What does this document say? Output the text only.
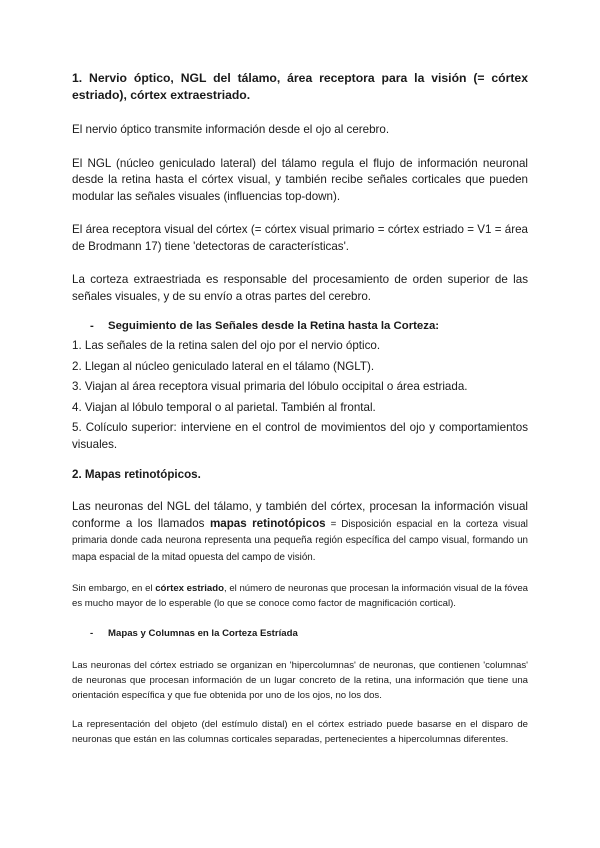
1. Nervio óptico, NGL del tálamo, área receptora para la visión (= córtex estriado), córtex extraestriado.

El nervio óptico transmite información desde el ojo al cerebro.

El NGL (núcleo geniculado lateral) del tálamo regula el flujo de información neuronal desde la retina hasta el córtex visual, y también recibe señales corticales que pueden modular las señales visuales (influencias top-down).

El área receptora visual del córtex (= córtex visual primario = córtex estriado = V1 = área de Brodmann 17) tiene 'detectoras de características'.

La corteza extraestriada es responsable del procesamiento de orden superior de las señales visuales, y de su envío a otras partes del cerebro.

-	Seguimiento de las Señales desde la Retina hasta la Corteza:

1. Las señales de la retina salen del ojo por el nervio óptico.

2. Llegan al núcleo geniculado lateral en el tálamo (NGLT).

3. Viajan al área receptora visual primaria del lóbulo occipital o área estriada.

4. Viajan al lóbulo temporal o al parietal. También al frontal.

5. Colículo superior: interviene en el control de movimientos del ojo y comportamientos visuales.

2. Mapas retinotópicos.

Las neuronas del NGL del tálamo, y también del córtex, procesan la información visual conforme a los llamados mapas retinotópicos = Disposición espacial en la corteza visual primaria donde cada neurona representa una pequeña región específica del campo visual, formando un mapa espacial de la mitad opuesta del campo de visión.

Sin embargo, en el córtex estriado, el número de neuronas que procesan la información visual de la fóvea es mucho mayor de lo esperable (lo que se conoce como factor de magnificación cortical).

-	Mapas y Columnas en la Corteza Estríada

Las neuronas del córtex estriado se organizan en 'hipercolumnas' de neuronas, que contienen 'columnas' de neuronas que procesan información de un lugar concreto de la retina, una información que tiene una orientación específica y que fue obtenida por uno de los ojos, no los dos.

La representación del objeto (del estímulo distal) en el córtex estriado puede basarse en el disparo de neuronas que están en las columnas corticales separadas, pertenecientes a hipercolumnas diferentes.
